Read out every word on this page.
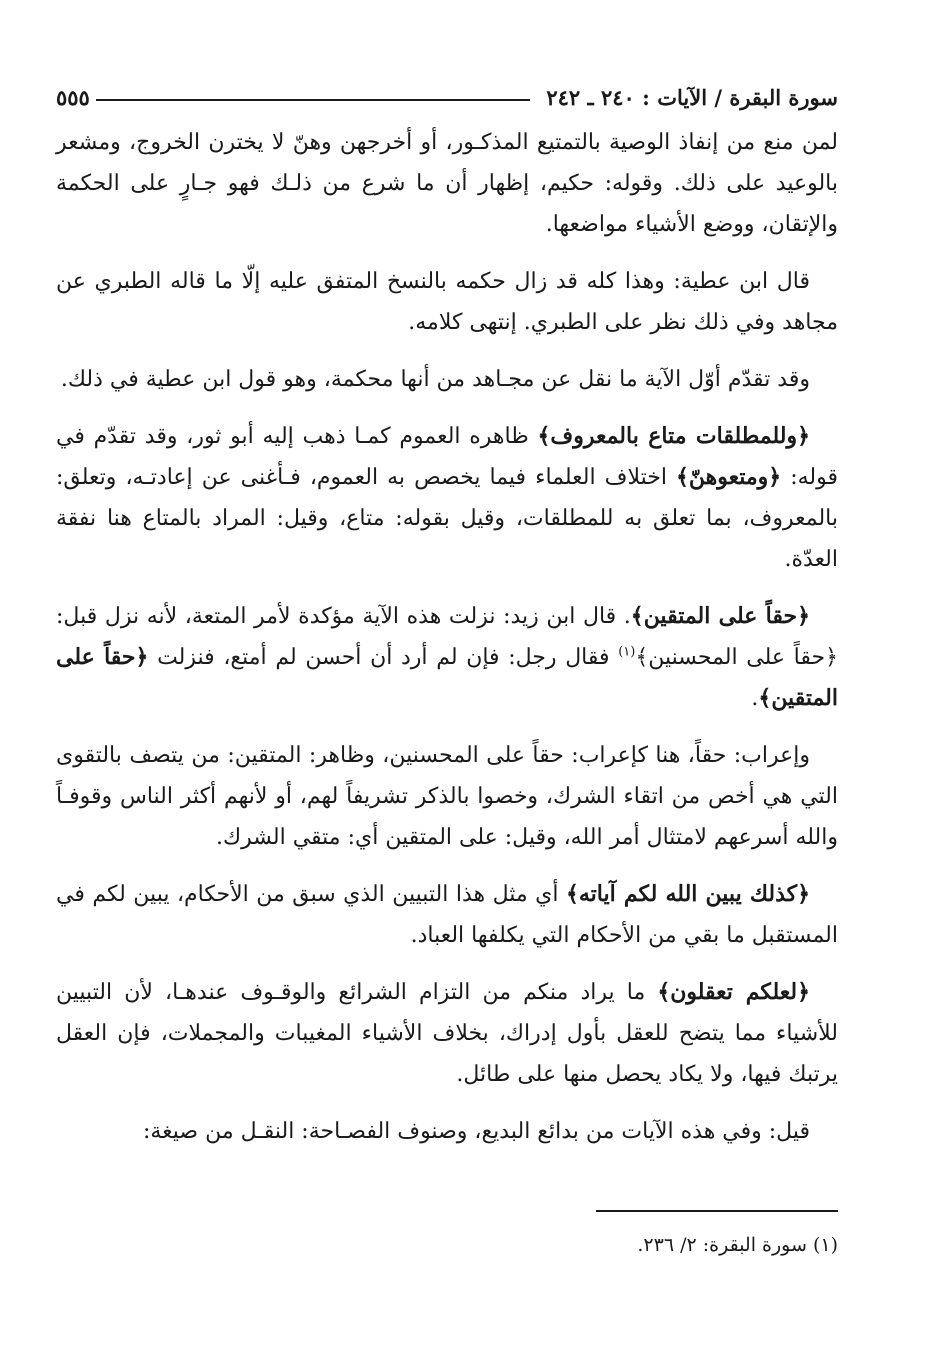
سورة البقرة / الآيات : ٢٤٠ ـ ٢٤٢
٥٥٥

لمن منع من إنفاذ الوصية بالتمتيع المذكـور، أو أخرجهن وهنّ لا يخترن الخروج، ومشعر بالوعيد على ذلك. وقوله: حكيم، إظهار أن ما شرع من ذلـك فهو جـارٍ على الحكمة والإتقان، ووضع الأشياء مواضعها.

قال ابن عطية: وهذا كله قد زال حكمه بالنسخ المتفق عليه إلّا ما قاله الطبري عن مجاهد وفي ذلك نظر على الطبري. إنتهى كلامه.

وقد تقدّم أوّل الآية ما نقل عن مجـاهد من أنها محكمة، وهو قول ابن عطية في ذلك.

﴿وللمطلقات متاع بالمعروف﴾ ظاهره العموم كمـا ذهب إليه أبو ثور، وقد تقدّم في قوله: ﴿ومتعوهنّ﴾ اختلاف العلماء فيما يخصص به العموم، فـأغنى عن إعادتـه، وتعلق: بالمعروف، بما تعلق به للمطلقات، وقيل بقوله: متاع، وقيل: المراد بالمتاع هنا نفقة العدّة.

﴿حقاً على المتقين﴾. قال ابن زيد: نزلت هذه الآية مؤكدة لأمر المتعة، لأنه نزل قبل: ﴿حقاً على المحسنين﴾$^{(١)}$ فقال رجل: فإن لم أرد أن أحسن لم أمتع، فنزلت ﴿حقاً على المتقين﴾.

وإعراب: حقاً، هنا كإعراب: حقاً على المحسنين، وظاهر: المتقين: من يتصف بالتقوى التي هي أخص من اتقاء الشرك، وخصوا بالذكر تشريفاً لهم، أو لأنهم أكثر الناس وقوفـاً والله أسرعهم لامتثال أمر الله، وقيل: على المتقين أي: متقي الشرك.

﴿كذلك يبين الله لكم آياته﴾ أي مثل هذا التبيين الذي سبق من الأحكام، يبين لكم في المستقبل ما بقي من الأحكام التي يكلفها العباد.

﴿لعلكم تعقلون﴾ ما يراد منكم من التزام الشرائع والوقـوف عندهـا، لأن التبيين للأشياء مما يتضح للعقل بأول إدراك، بخلاف الأشياء المغيبات والمجملات، فإن العقل يرتبك فيها، ولا يكاد يحصل منها على طائل.

قيل: وفي هذه الآيات من بدائع البديع، وصنوف الفصـاحة: النقـل من صيغة:

(١) سورة البقرة: ٢/ ٢٣٦.
